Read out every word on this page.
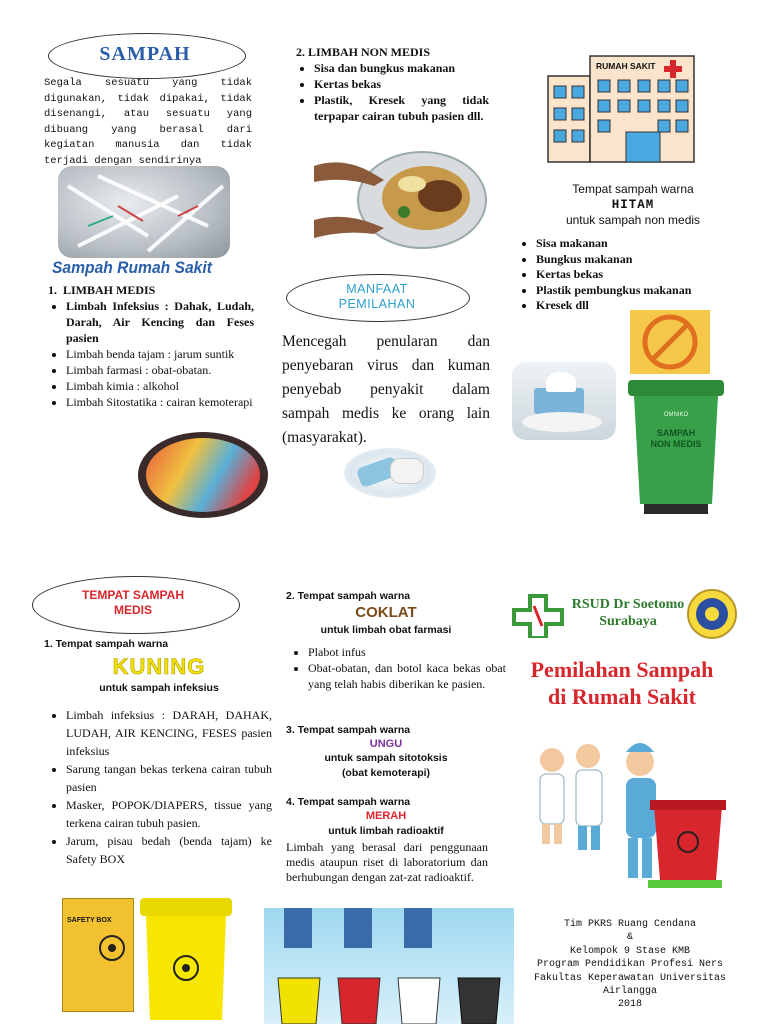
SAMPAH
Segala sesuatu yang tidak digunakan, tidak dipakai, tidak disenangi, atau sesuatu yang dibuang yang berasal dari kegiatan manusia dan tidak terjadi dengan sendirinya
Sampah Rumah Sakit
1.  LIMBAH MEDIS
• Limbah Infeksius : Dahak, Ludah, Darah, Air Kencing dan Feses pasien
• Limbah benda tajam : jarum suntik
• Limbah farmasi : obat-obatan.
• Limbah kimia : alkohol
• Limbah Sitostatika : cairan kemoterapi
2. LIMBAH NON MEDIS
• Sisa dan bungkus makanan
• Kertas bekas
• Plastik, Kresek yang tidak terpapar cairan tubuh pasien dll.
MANFAAT
PEMILAHAN
Mencegah penularan dan penyebaran virus dan kuman penyebab penyakit dalam sampah medis ke orang lain (masyarakat).
RUMAH SAKIT
Tempat sampah warna
HITAM
untuk sampah non medis
• Sisa makanan
• Bungkus makanan
• Kertas bekas
• Plastik pembungkus makanan
• Kresek dll
OMNIKO
SAMPAH
NON MEDIS
TEMPAT SAMPAH
MEDIS
1. Tempat sampah warna
KUNING
untuk sampah infeksius
• Limbah infeksius : DARAH, DAHAK, LUDAH, AIR KENCING, FESES pasien infeksius
• Sarung tangan bekas terkena cairan tubuh pasien
• Masker, POPOK/DIAPERS, tissue yang terkena cairan tubuh pasien.
• Jarum, pisau bedah (benda tajam) ke Safety BOX
SAFETY BOX
2. Tempat sampah warna
COKLAT
untuk limbah obat farmasi
• Plabot infus
• Obat-obatan, dan botol kaca bekas obat yang telah habis diberikan ke pasien.
3. Tempat sampah warna
UNGU
untuk sampah sitotoksis
(obat kemoterapi)
4. Tempat sampah warna
MERAH
untuk limbah radioaktif
Limbah yang berasal dari penggunaan medis ataupun riset di laboratorium dan berhubungan dengan zat-zat radioaktif.
RSUD Dr Soetomo
Surabaya
Pemilahan Sampah
di Rumah Sakit
Tim PKRS Ruang Cendana
&
Kelompok 9 Stase KMB
Program Pendidikan Profesi Ners
Fakultas Keperawatan Universitas
Airlangga
2018
